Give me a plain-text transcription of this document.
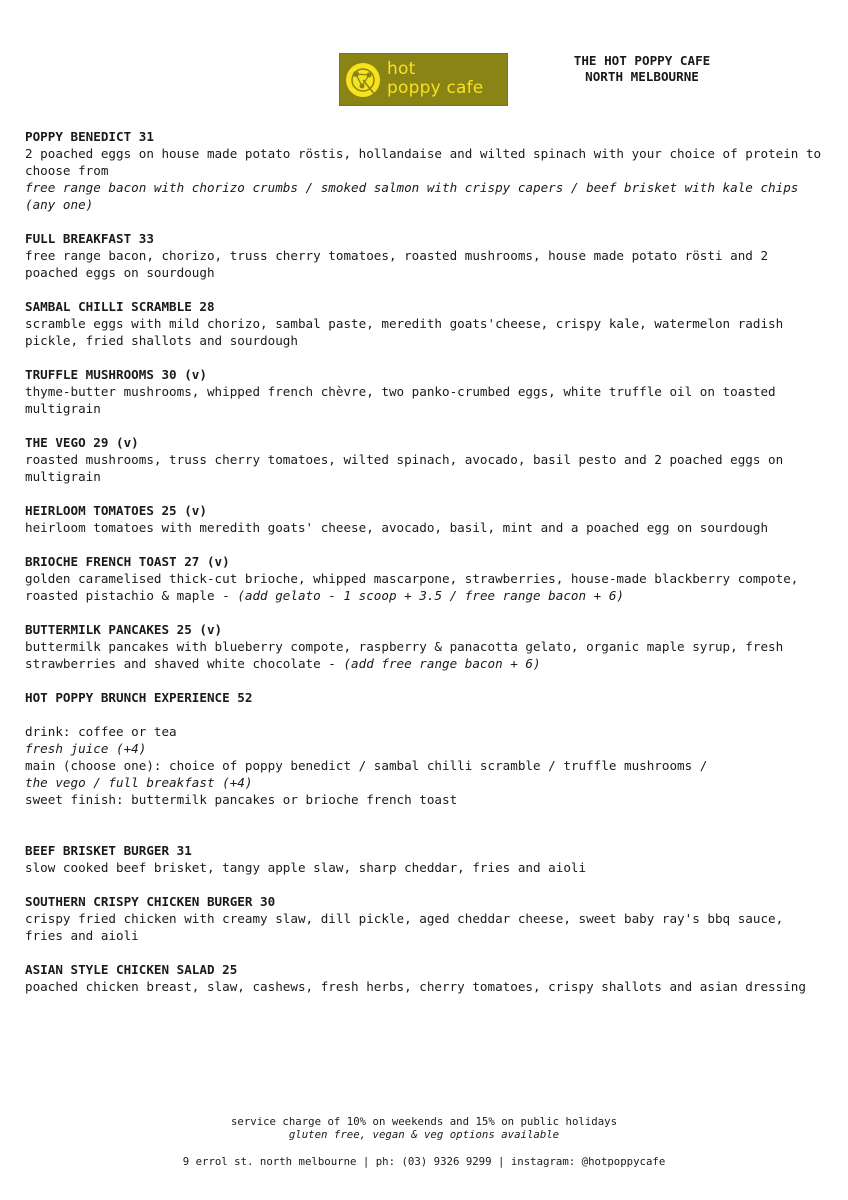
hot
poppy cafe
THE HOT POPPY CAFE
NORTH MELBOURNE

POPPY BENEDICT 31

2 poached eggs on house made potato röstis, hollandaise and wilted spinach with your choice of protein to choose from

free range bacon with chorizo crumbs / smoked salmon with crispy capers / beef brisket with kale chips (any one)

FULL BREAKFAST 33

free range bacon, chorizo, truss cherry tomatoes, roasted mushrooms, house made potato rösti and 2 poached eggs on sourdough

SAMBAL CHILLI SCRAMBLE 28

scramble eggs with mild chorizo, sambal paste, meredith goats'cheese, crispy kale, watermelon radish pickle, fried shallots and sourdough

TRUFFLE MUSHROOMS 30 (v)

thyme-butter mushrooms, whipped french chèvre, two panko-crumbed eggs, white truffle oil on toasted multigrain

THE VEGO 29 (v)

roasted mushrooms, truss cherry tomatoes, wilted spinach, avocado, basil pesto and 2 poached eggs on multigrain

HEIRLOOM TOMATOES 25 (v)

heirloom tomatoes with meredith goats' cheese, avocado, basil, mint and a poached egg on sourdough

BRIOCHE FRENCH TOAST 27 (v)

golden caramelised thick-cut brioche, whipped mascarpone, strawberries, house-made blackberry compote, roasted pistachio & maple - (add gelato - 1 scoop + 3.5 / free range bacon + 6)

BUTTERMILK PANCAKES 25 (v)

buttermilk pancakes with blueberry compote, raspberry & panacotta gelato, organic maple syrup, fresh strawberries and shaved white chocolate - (add free range bacon + 6)

HOT POPPY BRUNCH EXPERIENCE 52

drink: coffee or tea

fresh juice (+4)

main (choose one): choice of poppy benedict / sambal chilli scramble / truffle mushrooms /

the vego / full breakfast (+4)

sweet finish: buttermilk pancakes or brioche french toast

BEEF BRISKET BURGER 31

slow cooked beef brisket, tangy apple slaw, sharp cheddar, fries and aioli

SOUTHERN CRISPY CHICKEN BURGER 30

crispy fried chicken with creamy slaw, dill pickle, aged cheddar cheese, sweet baby ray's bbq sauce, fries and aioli

ASIAN STYLE CHICKEN SALAD 25

poached chicken breast, slaw, cashews, fresh herbs, cherry tomatoes, crispy shallots and asian dressing

service charge of 10% on weekends and 15% on public holidays
gluten free, vegan & veg options available
9 errol st. north melbourne | ph: (03) 9326 9299 | instagram: @hotpoppycafe
